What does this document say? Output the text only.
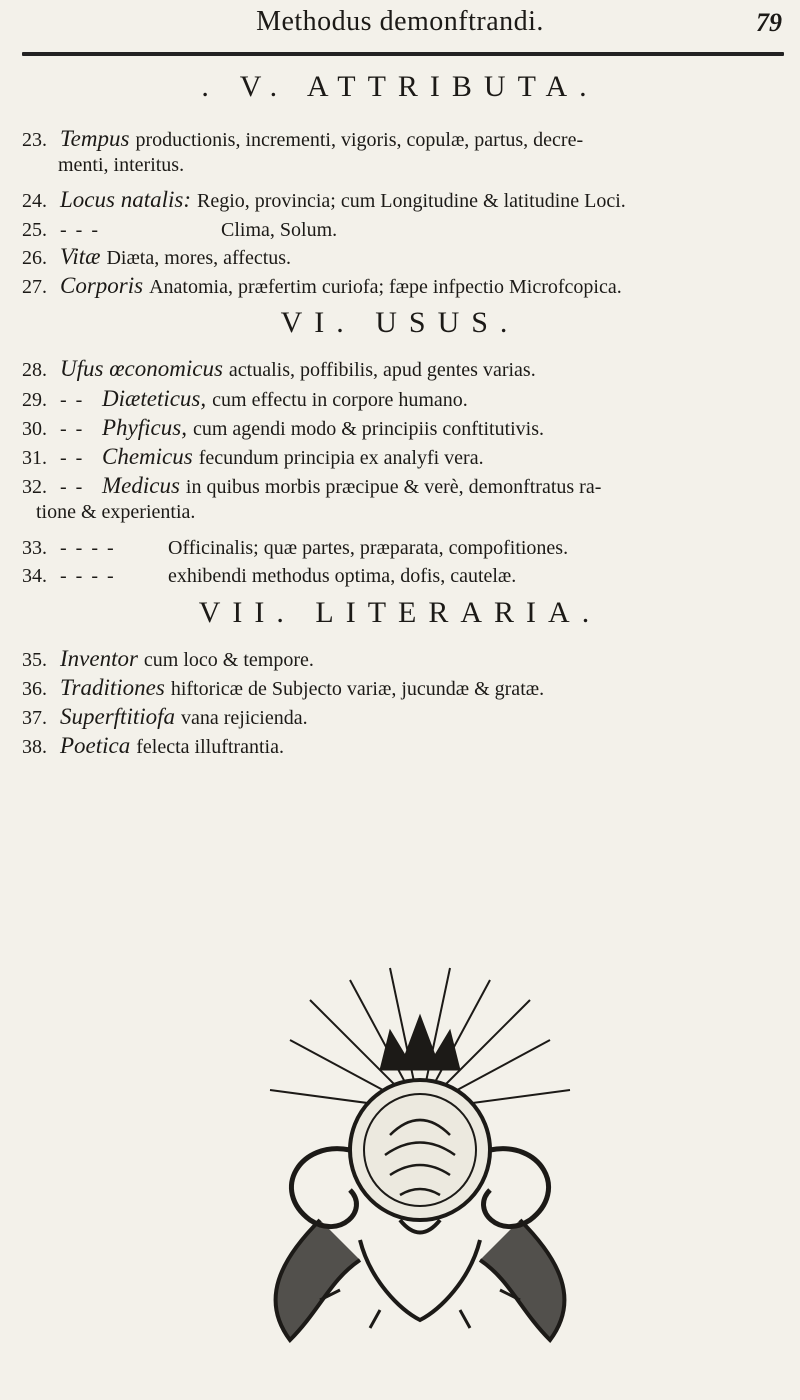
Methodus demonftrandi.	79
. V. ATTRIBUTA.
23. Tempus productionis, incrementi, vigoris, copulæ, partus, decre-
menti, interitus.
24. Locus natalis: Regio, provincia; cum Longitudine & latitudine Loci.
25. - - -	Clima, Solum.
26. Vitæ Diæta, mores, affectus.
27. Corporis Anatomia, præfertim curiofa; fæpe infpectio Microfcopica.
VI. USUS.
28. Ufus œconomicus actualis, poffibilis, apud gentes varias.
29. - - Diæteticus, cum effectu in corpore humano.
30. - - Phyficus, cum agendi modo & principiis conftitutivis.
31. - - Chemicus fecundum principia ex analyfi vera.
32. - - Medicus in quibus morbis præcipue & verè, demonftratus ra-
tione & experientia.
33. - - - -	Officinalis; quæ partes, præparata, compofitiones.
34. - - - -	exhibendi methodus optima, dofis, cautelæ.
VII. LITERARIA.
35. Inventor cum loco & tempore.
36. Traditiones hiftoricæ de Subjecto variæ, jucundæ & gratæ.
37. Superftitiofa vana rejicienda.
38. Poetica felecta illuftrantia.
